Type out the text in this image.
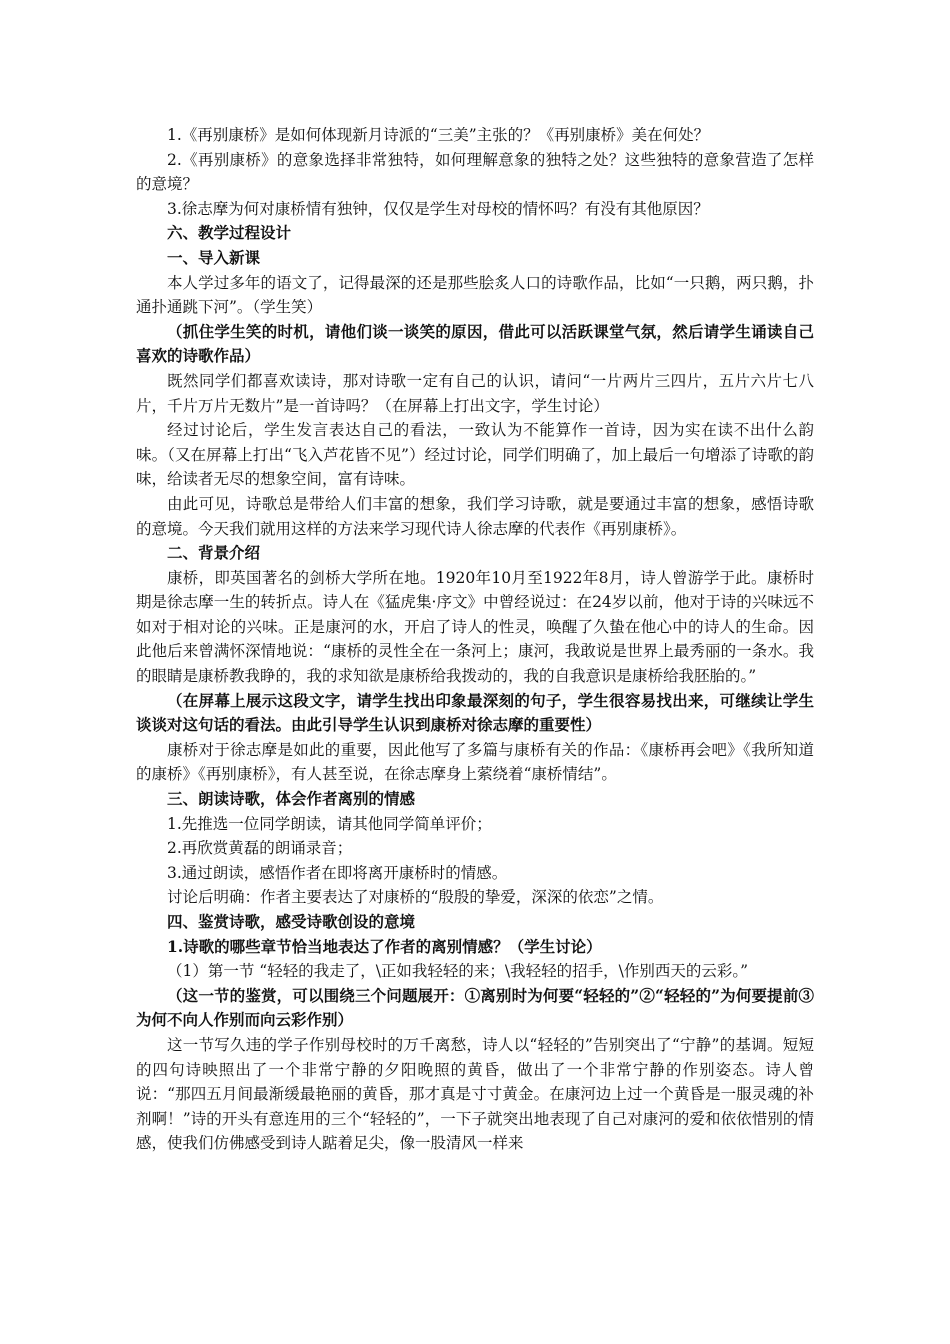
1.《再别康桥》是如何体现新月诗派的“三美”主张的？《再别康桥》美在何处？

2.《再别康桥》的意象选择非常独特，如何理解意象的独特之处？这些独特的意象营造了怎样的意境？

3.徐志摩为何对康桥情有独钟，仅仅是学生对母校的情怀吗？有没有其他原因？

六、教学过程设计

一、导入新课

本人学过多年的语文了，记得最深的还是那些脍炙人口的诗歌作品，比如“一只鹅，两只鹅，扑通扑通跳下河”。（学生笑）

（抓住学生笑的时机，请他们谈一谈笑的原因，借此可以活跃课堂气氛，然后请学生诵读自己喜欢的诗歌作品）

既然同学们都喜欢读诗，那对诗歌一定有自己的认识，请问“一片两片三四片，五片六片七八片，千片万片无数片”是一首诗吗？（在屏幕上打出文字，学生讨论）

经过讨论后，学生发言表达自己的看法，一致认为不能算作一首诗，因为实在读不出什么韵味。（又在屏幕上打出“飞入芦花皆不见”）经过讨论，同学们明确了，加上最后一句增添了诗歌的韵味，给读者无尽的想象空间，富有诗味。

由此可见，诗歌总是带给人们丰富的想象，我们学习诗歌，就是要通过丰富的想象，感悟诗歌的意境。今天我们就用这样的方法来学习现代诗人徐志摩的代表作《再别康桥》。

二、背景介绍

康桥，即英国著名的剑桥大学所在地。1920年10月至1922年8月，诗人曾游学于此。康桥时期是徐志摩一生的转折点。诗人在《猛虎集·序文》中曾经说过：在24岁以前，他对于诗的兴味远不如对于相对论的兴味。正是康河的水，开启了诗人的性灵，唤醒了久蛰在他心中的诗人的生命。因此他后来曾满怀深情地说：“康桥的灵性全在一条河上；康河，我敢说是世界上最秀丽的一条水。我的眼睛是康桥教我睁的，我的求知欲是康桥给我拨动的，我的自我意识是康桥给我胚胎的。”

（在屏幕上展示这段文字，请学生找出印象最深刻的句子，学生很容易找出来，可继续让学生谈谈对这句话的看法。由此引导学生认识到康桥对徐志摩的重要性）

康桥对于徐志摩是如此的重要，因此他写了多篇与康桥有关的作品：《康桥再会吧》《我所知道的康桥》《再别康桥》，有人甚至说，在徐志摩身上萦绕着“康桥情结”。

三、朗读诗歌，体会作者离别的情感

1.先推选一位同学朗读，请其他同学简单评价；

2.再欣赏黄磊的朗诵录音；

3.通过朗读，感悟作者在即将离开康桥时的情感。

讨论后明确：作者主要表达了对康桥的“殷殷的挚爱，深深的依恋”之情。

四、鉴赏诗歌，感受诗歌创设的意境

1.诗歌的哪些章节恰当地表达了作者的离别情感？（学生讨论）

（1）第一节 “轻轻的我走了，\正如我轻轻的来；\我轻轻的招手，\作别西天的云彩。”

（这一节的鉴赏，可以围绕三个问题展开：①离别时为何要“轻轻的”②“轻轻的”为何要提前③为何不向人作别而向云彩作别）

这一节写久违的学子作别母校时的万千离愁，诗人以“轻轻的”告别突出了“宁静”的基调。短短的四句诗映照出了一个非常宁静的夕阳晚照的黄昏，做出了一个非常宁静的作别姿态。诗人曾说：“那四五月间最渐缓最艳丽的黄昏，那才真是寸寸黄金。在康河边上过一个黄昏是一服灵魂的补剂啊！”诗的开头有意连用的三个“轻轻的”，一下子就突出地表现了自己对康河的爱和依依惜别的情感，使我们仿佛感受到诗人踮着足尖，像一股清风一样来
